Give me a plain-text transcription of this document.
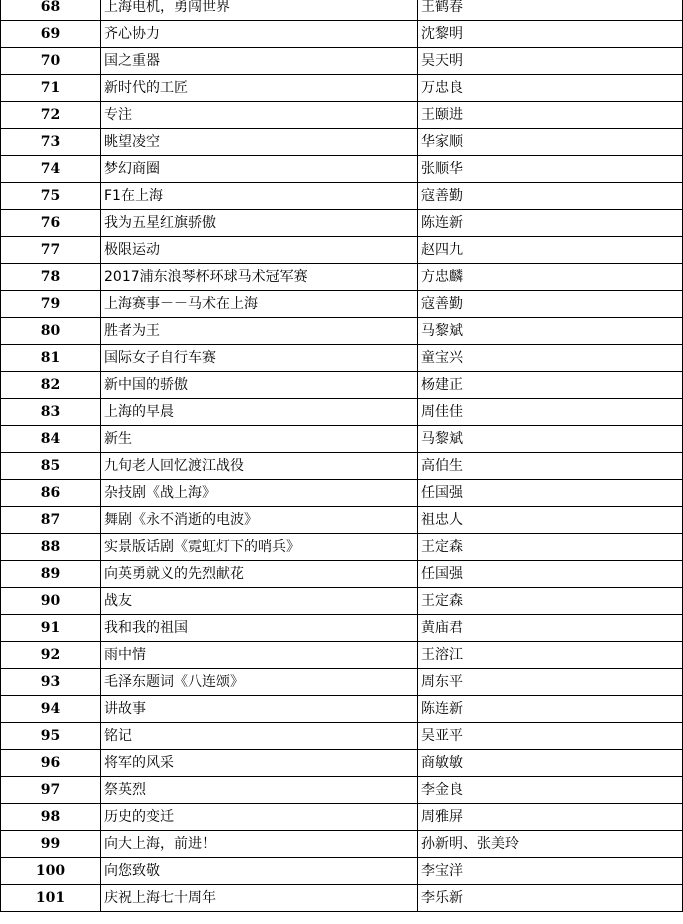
68	上海电机，勇闯世界	王鹤春
69	齐心协力	沈黎明
70	国之重器	吴天明
71	新时代的工匠	万忠良
72	专注	王颐进
73	眺望凌空	华家顺
74	梦幻商圈	张顺华
75	F1在上海	寇善勤
76	我为五星红旗骄傲	陈连新
77	极限运动	赵四九
78	2017浦东浪琴杯环球马术冠军赛	方忠麟
79	上海赛事－－马术在上海	寇善勤
80	胜者为王	马黎斌
81	国际女子自行车赛	童宝兴
82	新中国的骄傲	杨建正
83	上海的早晨	周佳佳
84	新生	马黎斌
85	九旬老人回忆渡江战役	高伯生
86	杂技剧《战上海》	任国强
87	舞剧《永不消逝的电波》	祖忠人
88	实景版话剧《霓虹灯下的哨兵》	王定森
89	向英勇就义的先烈献花	任国强
90	战友	王定森
91	我和我的祖国	黄庙君
92	雨中情	王溶江
93	毛泽东题词《八连颂》	周东平
94	讲故事	陈连新
95	铭记	吴亚平
96	将军的风采	商敏敏
97	祭英烈	李金良
98	历史的变迁	周雅屏
99	向大上海，前进！	孙新明、张美玲
100	向您致敬	李宝洋
101	庆祝上海七十周年	李乐新
